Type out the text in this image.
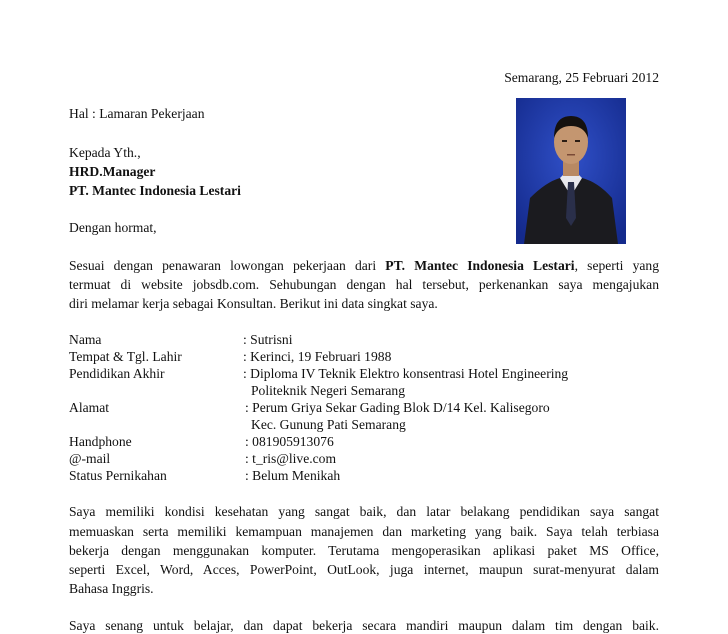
Semarang, 25 Februari 2012
Hal : Lamaran Pekerjaan
Kepada Yth.,
HRD.Manager
PT. Mantec Indonesia Lestari
Dengan hormat,
Sesuai dengan penawaran lowongan pekerjaan dari PT. Mantec Indonesia Lestari, seperti yang
termuat di website jobsdb.com. Sehubungan dengan hal tersebut, perkenankan saya mengajukan
diri melamar kerja sebagai Konsultan. Berikut ini data singkat saya.
Nama	: Sutrisni
Tempat & Tgl. Lahir	: Kerinci, 19 Februari 1988
Pendidikan Akhir	: Diploma IV Teknik Elektro konsentrasi Hotel Engineering
Politeknik Negeri Semarang
Alamat	: Perum Griya Sekar Gading Blok D/14 Kel. Kalisegoro
Kec. Gunung Pati Semarang
Handphone	: 081905913076
@-mail	: t_ris@live.com
Status Pernikahan	: Belum Menikah
Saya memiliki kondisi kesehatan yang sangat baik, dan latar belakang pendidikan saya sangat
memuaskan serta memiliki kemampuan manajemen dan marketing yang baik. Saya telah terbiasa
bekerja dengan menggunakan komputer. Terutama mengoperasikan aplikasi paket MS Office,
seperti Excel, Word, Acces, PowerPoint, OutLook, juga internet, maupun surat-menyurat dalam
Bahasa Inggris.
Saya senang untuk belajar, dan dapat bekerja secara mandiri maupun dalam tim dengan baik.
